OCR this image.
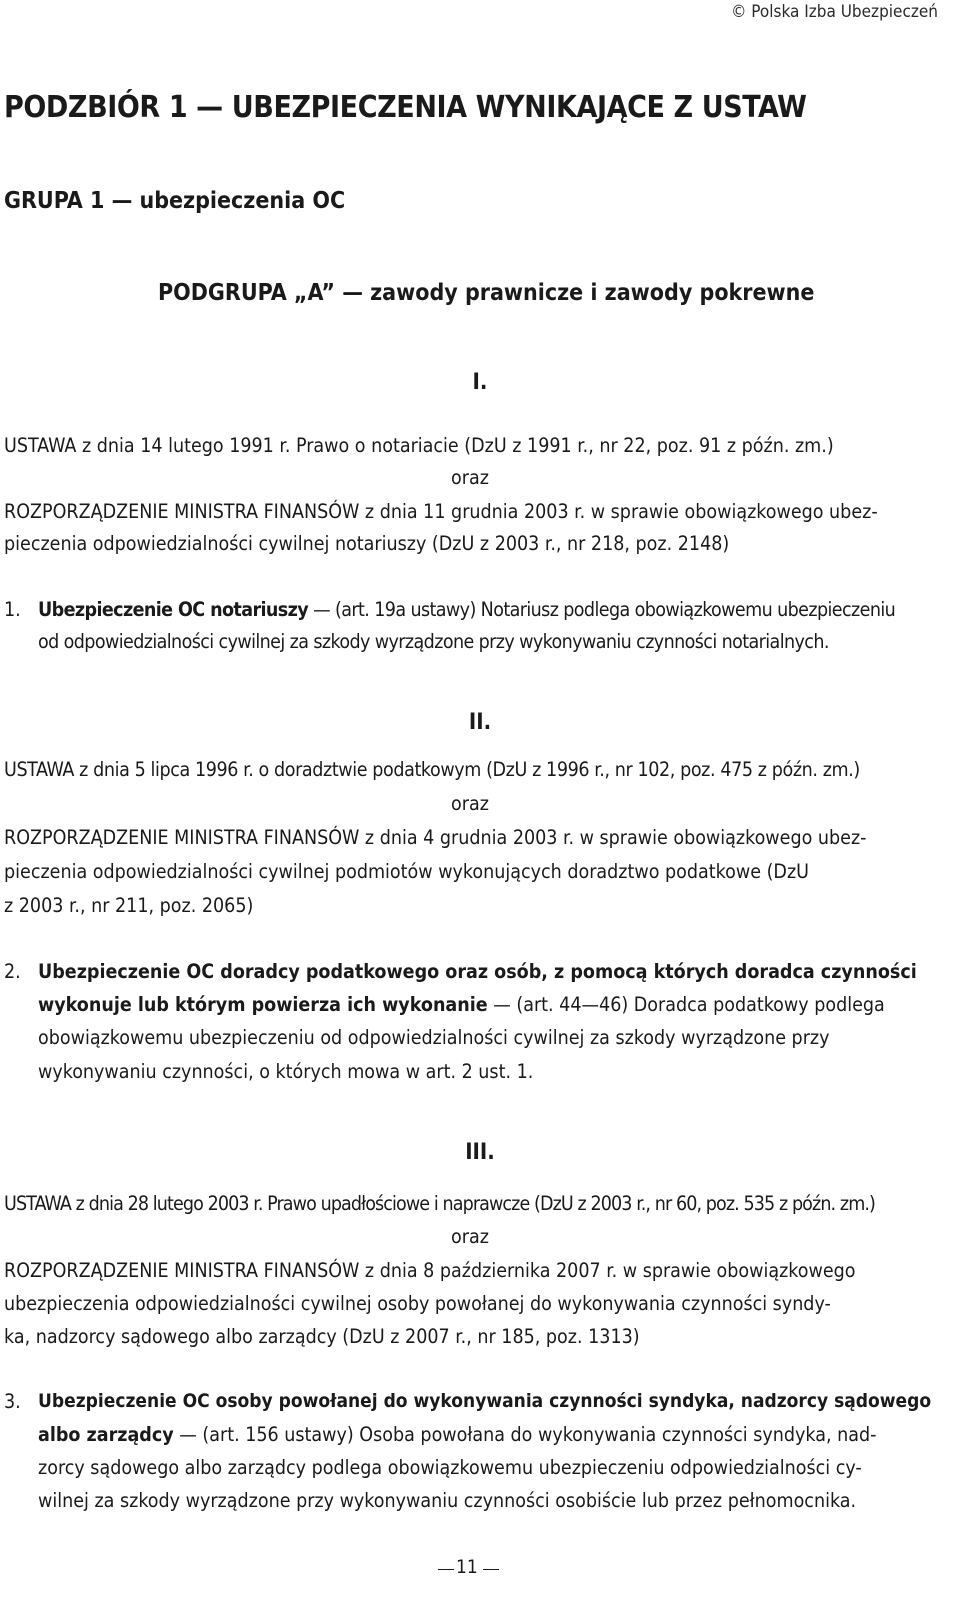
© Polska Izba Ubezpieczeń
PODZBIÓR 1 — UBEZPIECZENIA WYNIKAJĄCE Z USTAW
GRUPA 1 — ubezpieczenia OC
PODGRUPA „A” — zawody prawnicze i zawody pokrewne
I.
USTAWA z dnia 14 lutego 1991 r. Prawo o notariacie (DzU z 1991 r., nr 22, poz. 91 z późn. zm.)
oraz
ROZPORZĄDZENIE MINISTRA FINANSÓW z dnia 11 grudnia 2003 r. w sprawie obowiązkowego ubez-
pieczenia odpowiedzialności cywilnej notariuszy (DzU z 2003 r., nr 218, poz. 2148)
1. Ubezpieczenie OC notariuszy — (art. 19a ustawy) Notariusz podlega obowiązkowemu ubezpieczeniu
od odpowiedzialności cywilnej za szkody wyrządzone przy wykonywaniu czynności notarialnych.
II.
USTAWA z dnia 5 lipca 1996 r. o doradztwie podatkowym (DzU z 1996 r., nr 102, poz. 475 z późn. zm.)
oraz
ROZPORZĄDZENIE MINISTRA FINANSÓW z dnia 4 grudnia 2003 r. w sprawie obowiązkowego ubez-
pieczenia odpowiedzialności cywilnej podmiotów wykonujących doradztwo podatkowe (DzU
z 2003 r., nr 211, poz. 2065)
2. Ubezpieczenie OC doradcy podatkowego oraz osób, z pomocą których doradca czynności
wykonuje lub którym powierza ich wykonanie — (art. 44—46) Doradca podatkowy podlega
obowiązkowemu ubezpieczeniu od odpowiedzialności cywilnej za szkody wyrządzone przy
wykonywaniu czynności, o których mowa w art. 2 ust. 1.
III.
USTAWA z dnia 28 lutego 2003 r. Prawo upadłościowe i naprawcze (DzU z 2003 r., nr 60, poz. 535 z późn. zm.)
oraz
ROZPORZĄDZENIE MINISTRA FINANSÓW z dnia 8 października 2007 r. w sprawie obowiązkowego
ubezpieczenia odpowiedzialności cywilnej osoby powołanej do wykonywania czynności syndy-
ka, nadzorcy sądowego albo zarządcy (DzU z 2007 r., nr 185, poz. 1313)
3. Ubezpieczenie OC osoby powołanej do wykonywania czynności syndyka, nadzorcy sądowego
albo zarządcy — (art. 156 ustawy) Osoba powołana do wykonywania czynności syndyka, nad-
zorcy sądowego albo zarządcy podlega obowiązkowemu ubezpieczeniu odpowiedzialności cy-
wilnej za szkody wyrządzone przy wykonywaniu czynności osobiście lub przez pełnomocnika.
11
